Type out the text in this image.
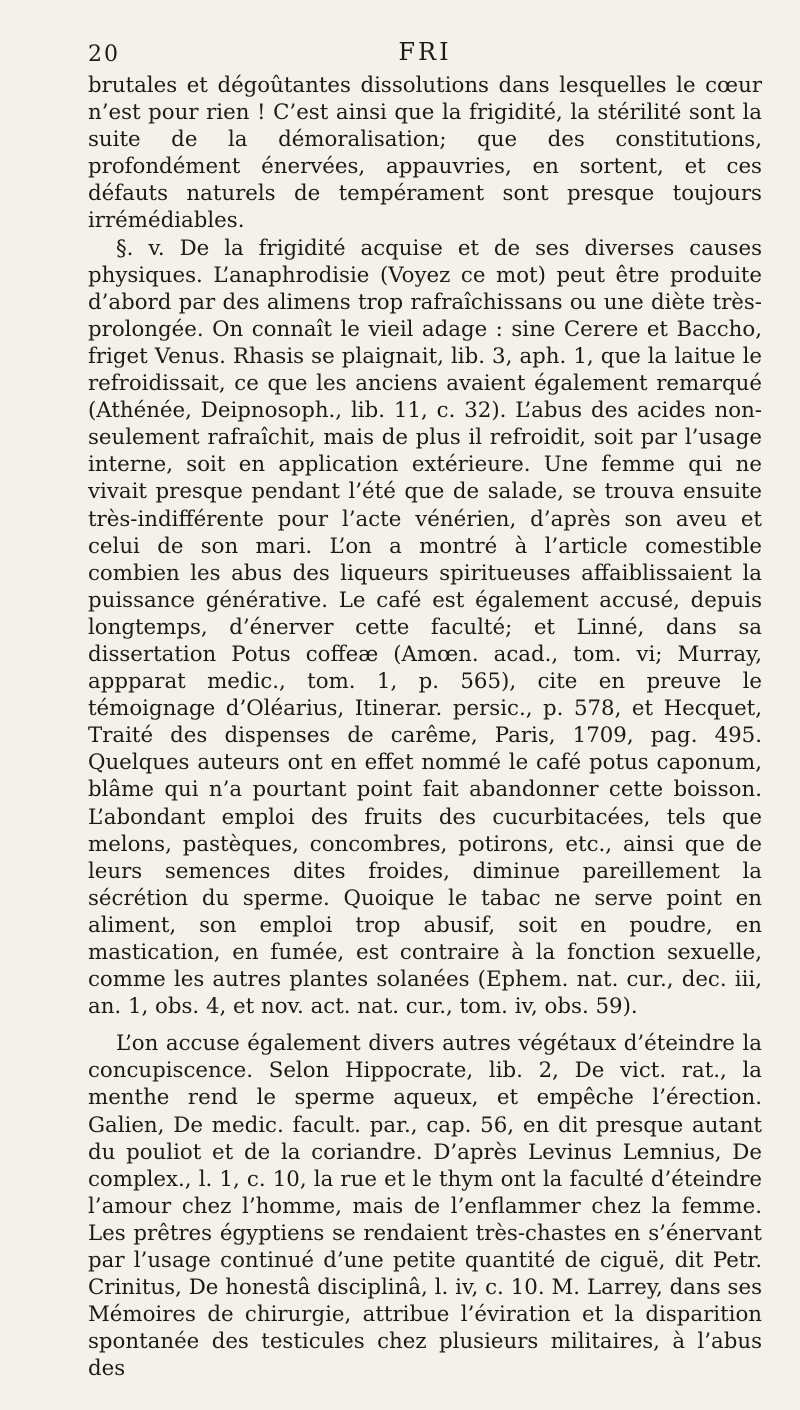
20	FRI

brutales et dégoûtantes dissolutions dans lesquelles le cœur n’est pour rien ! C’est ainsi que la frigidité, la stérilité sont la suite de la démoralisation; que des constitutions, profondément énervées, appauvries, en sortent, et ces défauts naturels de tempérament sont presque toujours irrémédiables.

§. v. De la frigidité acquise et de ses diverses causes physiques. L’anaphrodisie (Voyez ce mot) peut être produite d’abord par des alimens trop rafraîchissans ou une diète très-prolongée. On connaît le vieil adage : sine Cerere et Baccho, friget Venus. Rhasis se plaignait, lib. 3, aph. 1, que la laitue le refroidissait, ce que les anciens avaient également remarqué (Athénée, Deipnosoph., lib. 11, c. 32). L’abus des acides non-seulement rafraîchit, mais de plus il refroidit, soit par l’usage interne, soit en application extérieure. Une femme qui ne vivait presque pendant l’été que de salade, se trouva ensuite très-indifférente pour l’acte vénérien, d’après son aveu et celui de son mari. L’on a montré à l’article comestible combien les abus des liqueurs spiritueuses affaiblissaient la puissance générative. Le café est également accusé, depuis longtemps, d’énerver cette faculté; et Linné, dans sa dissertation Potus coffeæ (Amœn. acad., tom. vi; Murray, appparat medic., tom. 1, p. 565), cite en preuve le témoignage d’Oléarius, Itinerar. persic., p. 578, et Hecquet, Traité des dispenses de carême, Paris, 1709, pag. 495. Quelques auteurs ont en effet nommé le café potus caponum, blâme qui n’a pourtant point fait abandonner cette boisson. L’abondant emploi des fruits des cucurbitacées, tels que melons, pastèques, concombres, potirons, etc., ainsi que de leurs semences dites froides, diminue pareillement la sécrétion du sperme. Quoique le tabac ne serve point en aliment, son emploi trop abusif, soit en poudre, en mastication, en fumée, est contraire à la fonction sexuelle, comme les autres plantes solanées (Ephem. nat. cur., dec. iii, an. 1, obs. 4, et nov. act. nat. cur., tom. iv, obs. 59).

L’on accuse également divers autres végétaux d’éteindre la concupiscence. Selon Hippocrate, lib. 2, De vict. rat., la menthe rend le sperme aqueux, et empêche l’érection. Galien, De medic. facult. par., cap. 56, en dit presque autant du pouliot et de la coriandre. D’après Levinus Lemnius, De complex., l. 1, c. 10, la rue et le thym ont la faculté d’éteindre l’amour chez l’homme, mais de l’enflammer chez la femme. Les prêtres égyptiens se rendaient très-chastes en s’énervant par l’usage continué d’une petite quantité de ciguë, dit Petr. Crinitus, De honestâ disciplinâ, l. iv, c. 10. M. Larrey, dans ses Mémoires de chirurgie, attribue l’éviration et la disparition spontanée des testicules chez plusieurs militaires, à l’abus des
